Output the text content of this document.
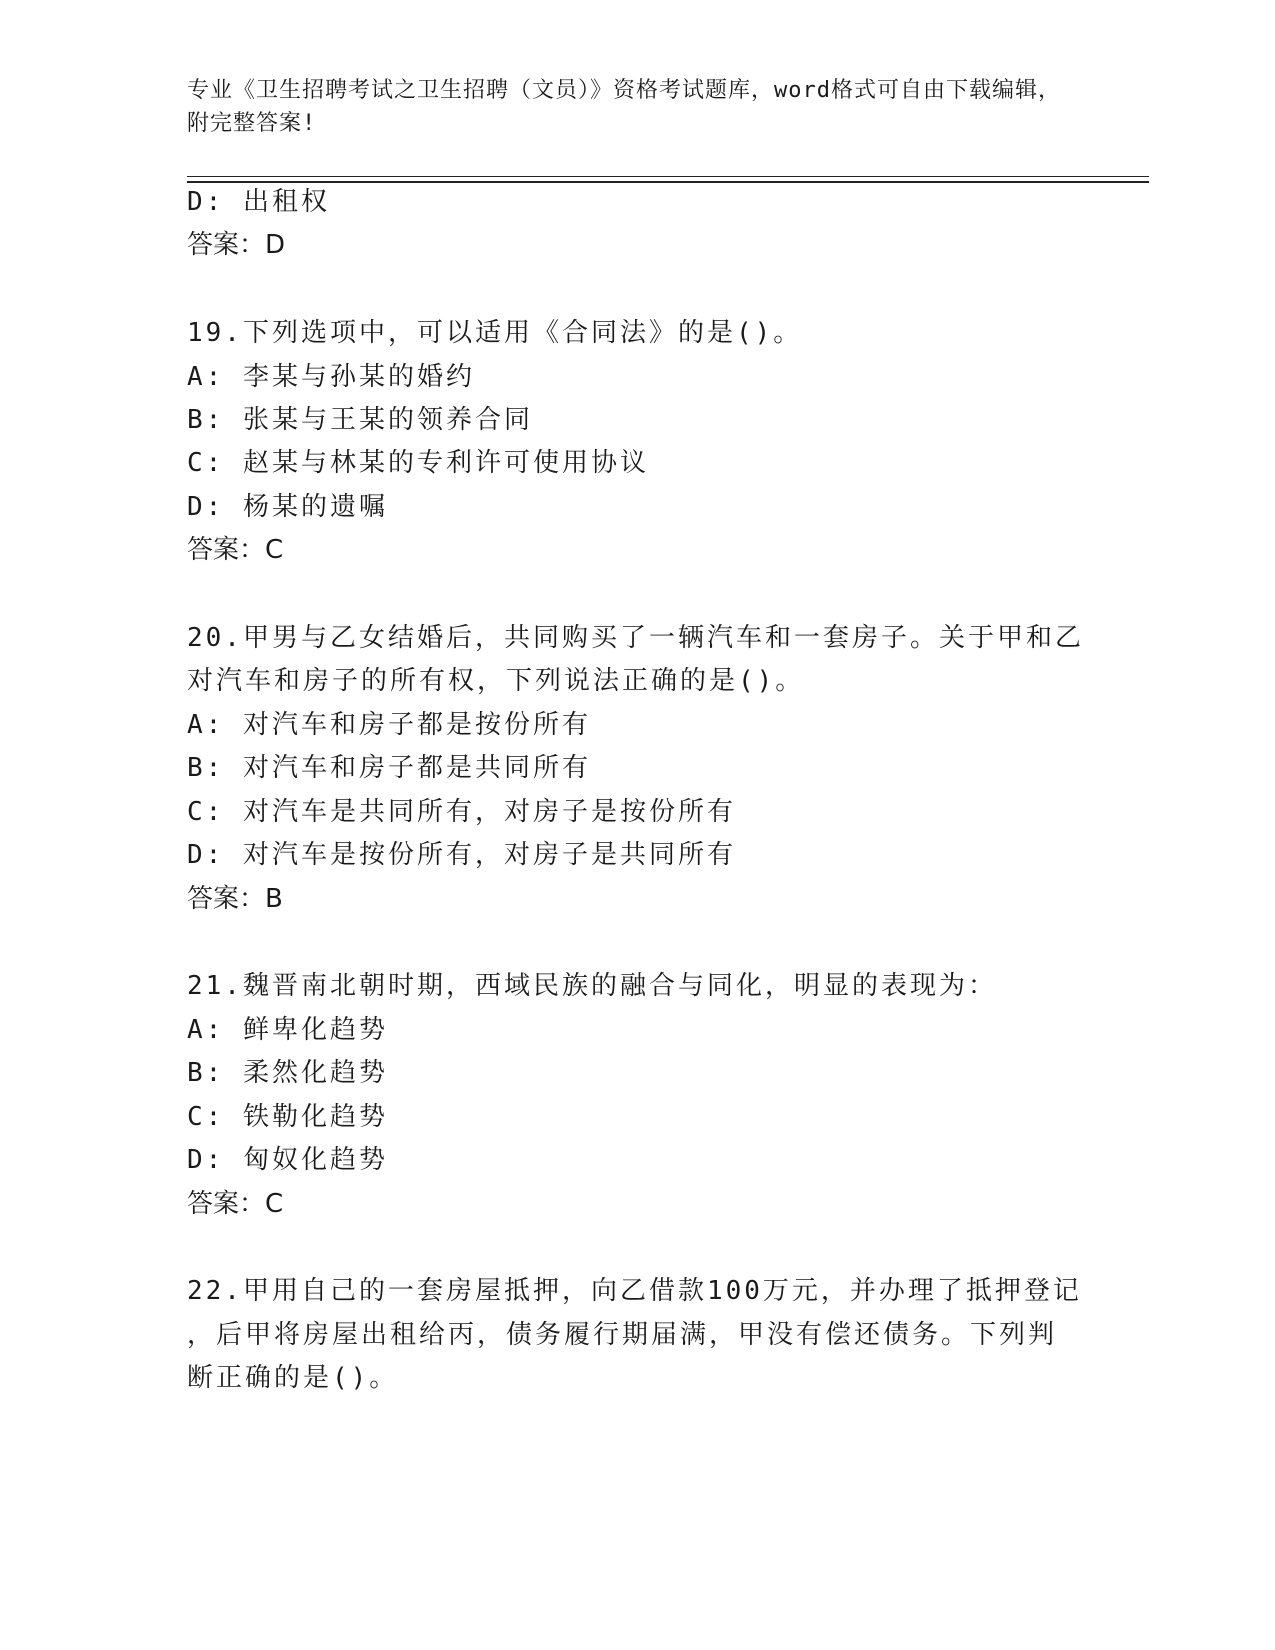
专业《卫生招聘考试之卫生招聘（文员）》资格考试题库，word格式可自由下载编辑，附完整答案!
D: 出租权
答案：D
19.下列选项中，可以适用《合同法》的是()。
A: 李某与孙某的婚约
B: 张某与王某的领养合同
C: 赵某与林某的专利许可使用协议
D: 杨某的遗嘱
答案：C
20.甲男与乙女结婚后，共同购买了一辆汽车和一套房子。关于甲和乙
对汽车和房子的所有权，下列说法正确的是()。
A: 对汽车和房子都是按份所有
B: 对汽车和房子都是共同所有
C: 对汽车是共同所有，对房子是按份所有
D: 对汽车是按份所有，对房子是共同所有
答案：B
21.魏晋南北朝时期，西域民族的融合与同化，明显的表现为：
A: 鲜卑化趋势
B: 柔然化趋势
C: 铁勒化趋势
D: 匈奴化趋势
答案：C
22.甲用自己的一套房屋抵押，向乙借款100万元，并办理了抵押登记
，后甲将房屋出租给丙，债务履行期届满，甲没有偿还债务。下列判
断正确的是()。
